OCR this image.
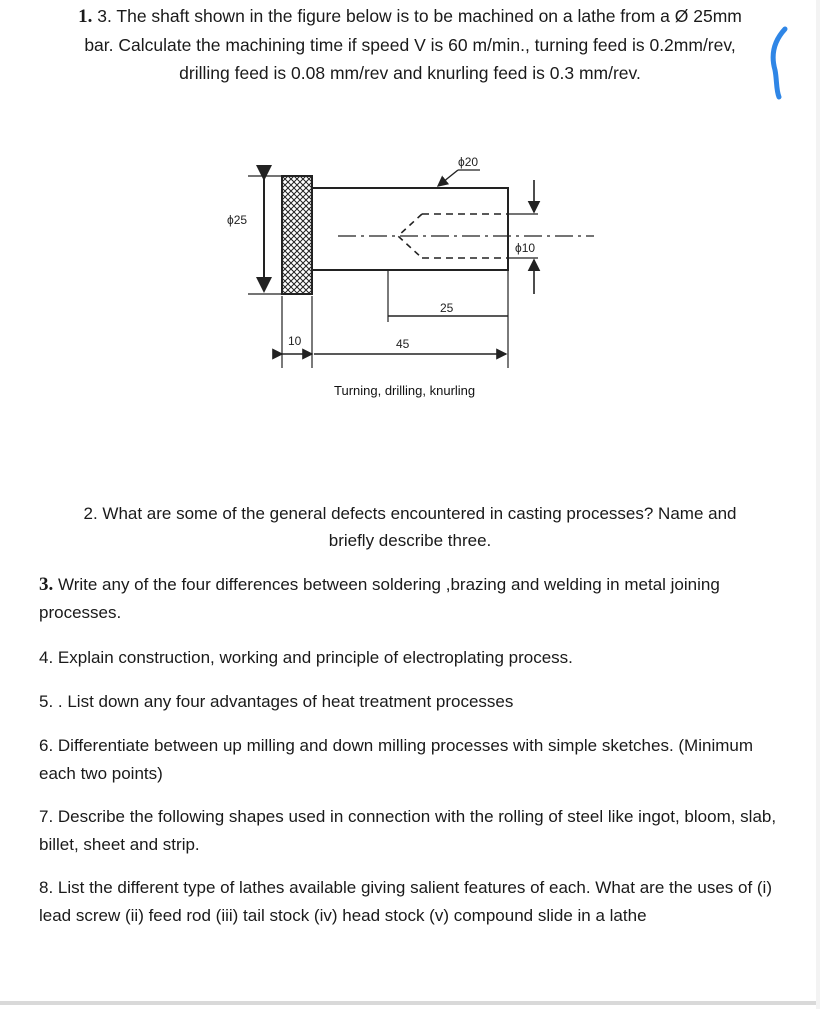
1. 3. The shaft shown in the figure below is to be machined on a lathe from a Ø 25mm
bar. Calculate the machining time if speed V is 60 m/min., turning feed is 0.2mm/rev,
drilling feed is 0.08 mm/rev and knurling feed is 0.3 mm/rev.
ϕ25
ϕ20
ϕ10
25
10	45
Turning, drilling, knurling
2. What are some of the general defects encountered in casting processes? Name and
briefly describe three.
3. Write any of the four differences between soldering ,brazing and welding in metal joining processes.
4. Explain construction, working and principle of electroplating process.
5. . List down any four advantages of heat treatment processes
6. Differentiate between up milling and down milling processes with simple sketches. (Minimum each two points)
7. Describe the following shapes used in connection with the rolling of steel like ingot, bloom, slab, billet, sheet and strip.
8. List the different type of lathes available giving salient features of each. What are the uses of (i) lead screw (ii) feed rod (iii) tail stock (iv) head stock (v) compound slide in a lathe
